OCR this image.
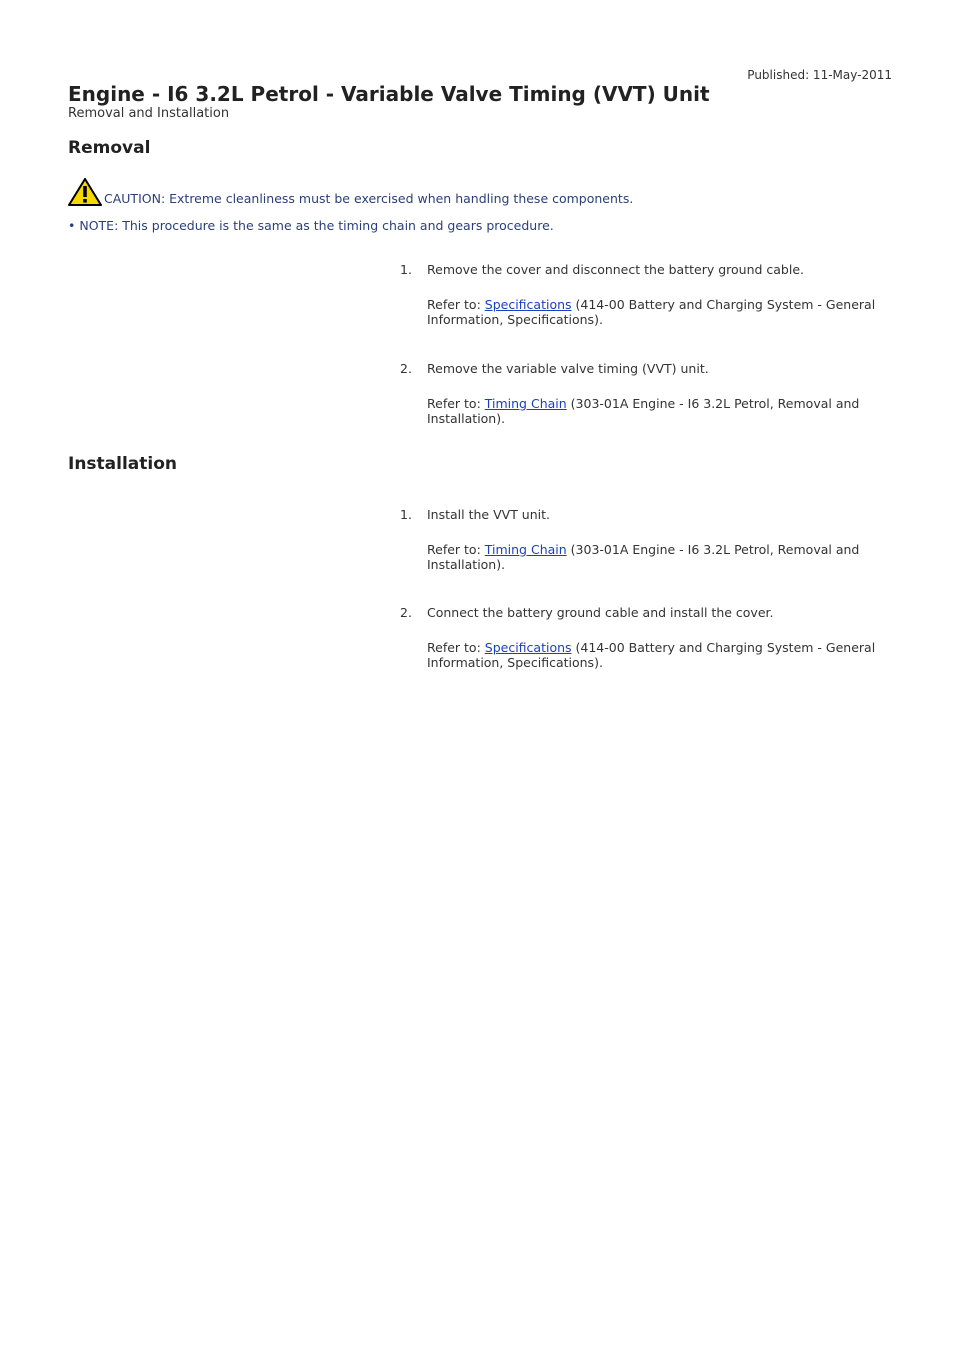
Published: 11-May-2011
Engine - I6 3.2L Petrol - Variable Valve Timing (VVT) Unit
Removal and Installation
Removal
CAUTION: Extreme cleanliness must be exercised when handling these components.
• NOTE: This procedure is the same as the timing chain and gears procedure.
1. Remove the cover and disconnect the battery ground cable.
Refer to: Specifications (414-00 Battery and Charging System - General Information, Specifications).
2. Remove the variable valve timing (VVT) unit.
Refer to: Timing Chain (303-01A Engine - I6 3.2L Petrol, Removal and Installation).
Installation
1. Install the VVT unit.
Refer to: Timing Chain (303-01A Engine - I6 3.2L Petrol, Removal and Installation).
2. Connect the battery ground cable and install the cover.
Refer to: Specifications (414-00 Battery and Charging System - General Information, Specifications).
